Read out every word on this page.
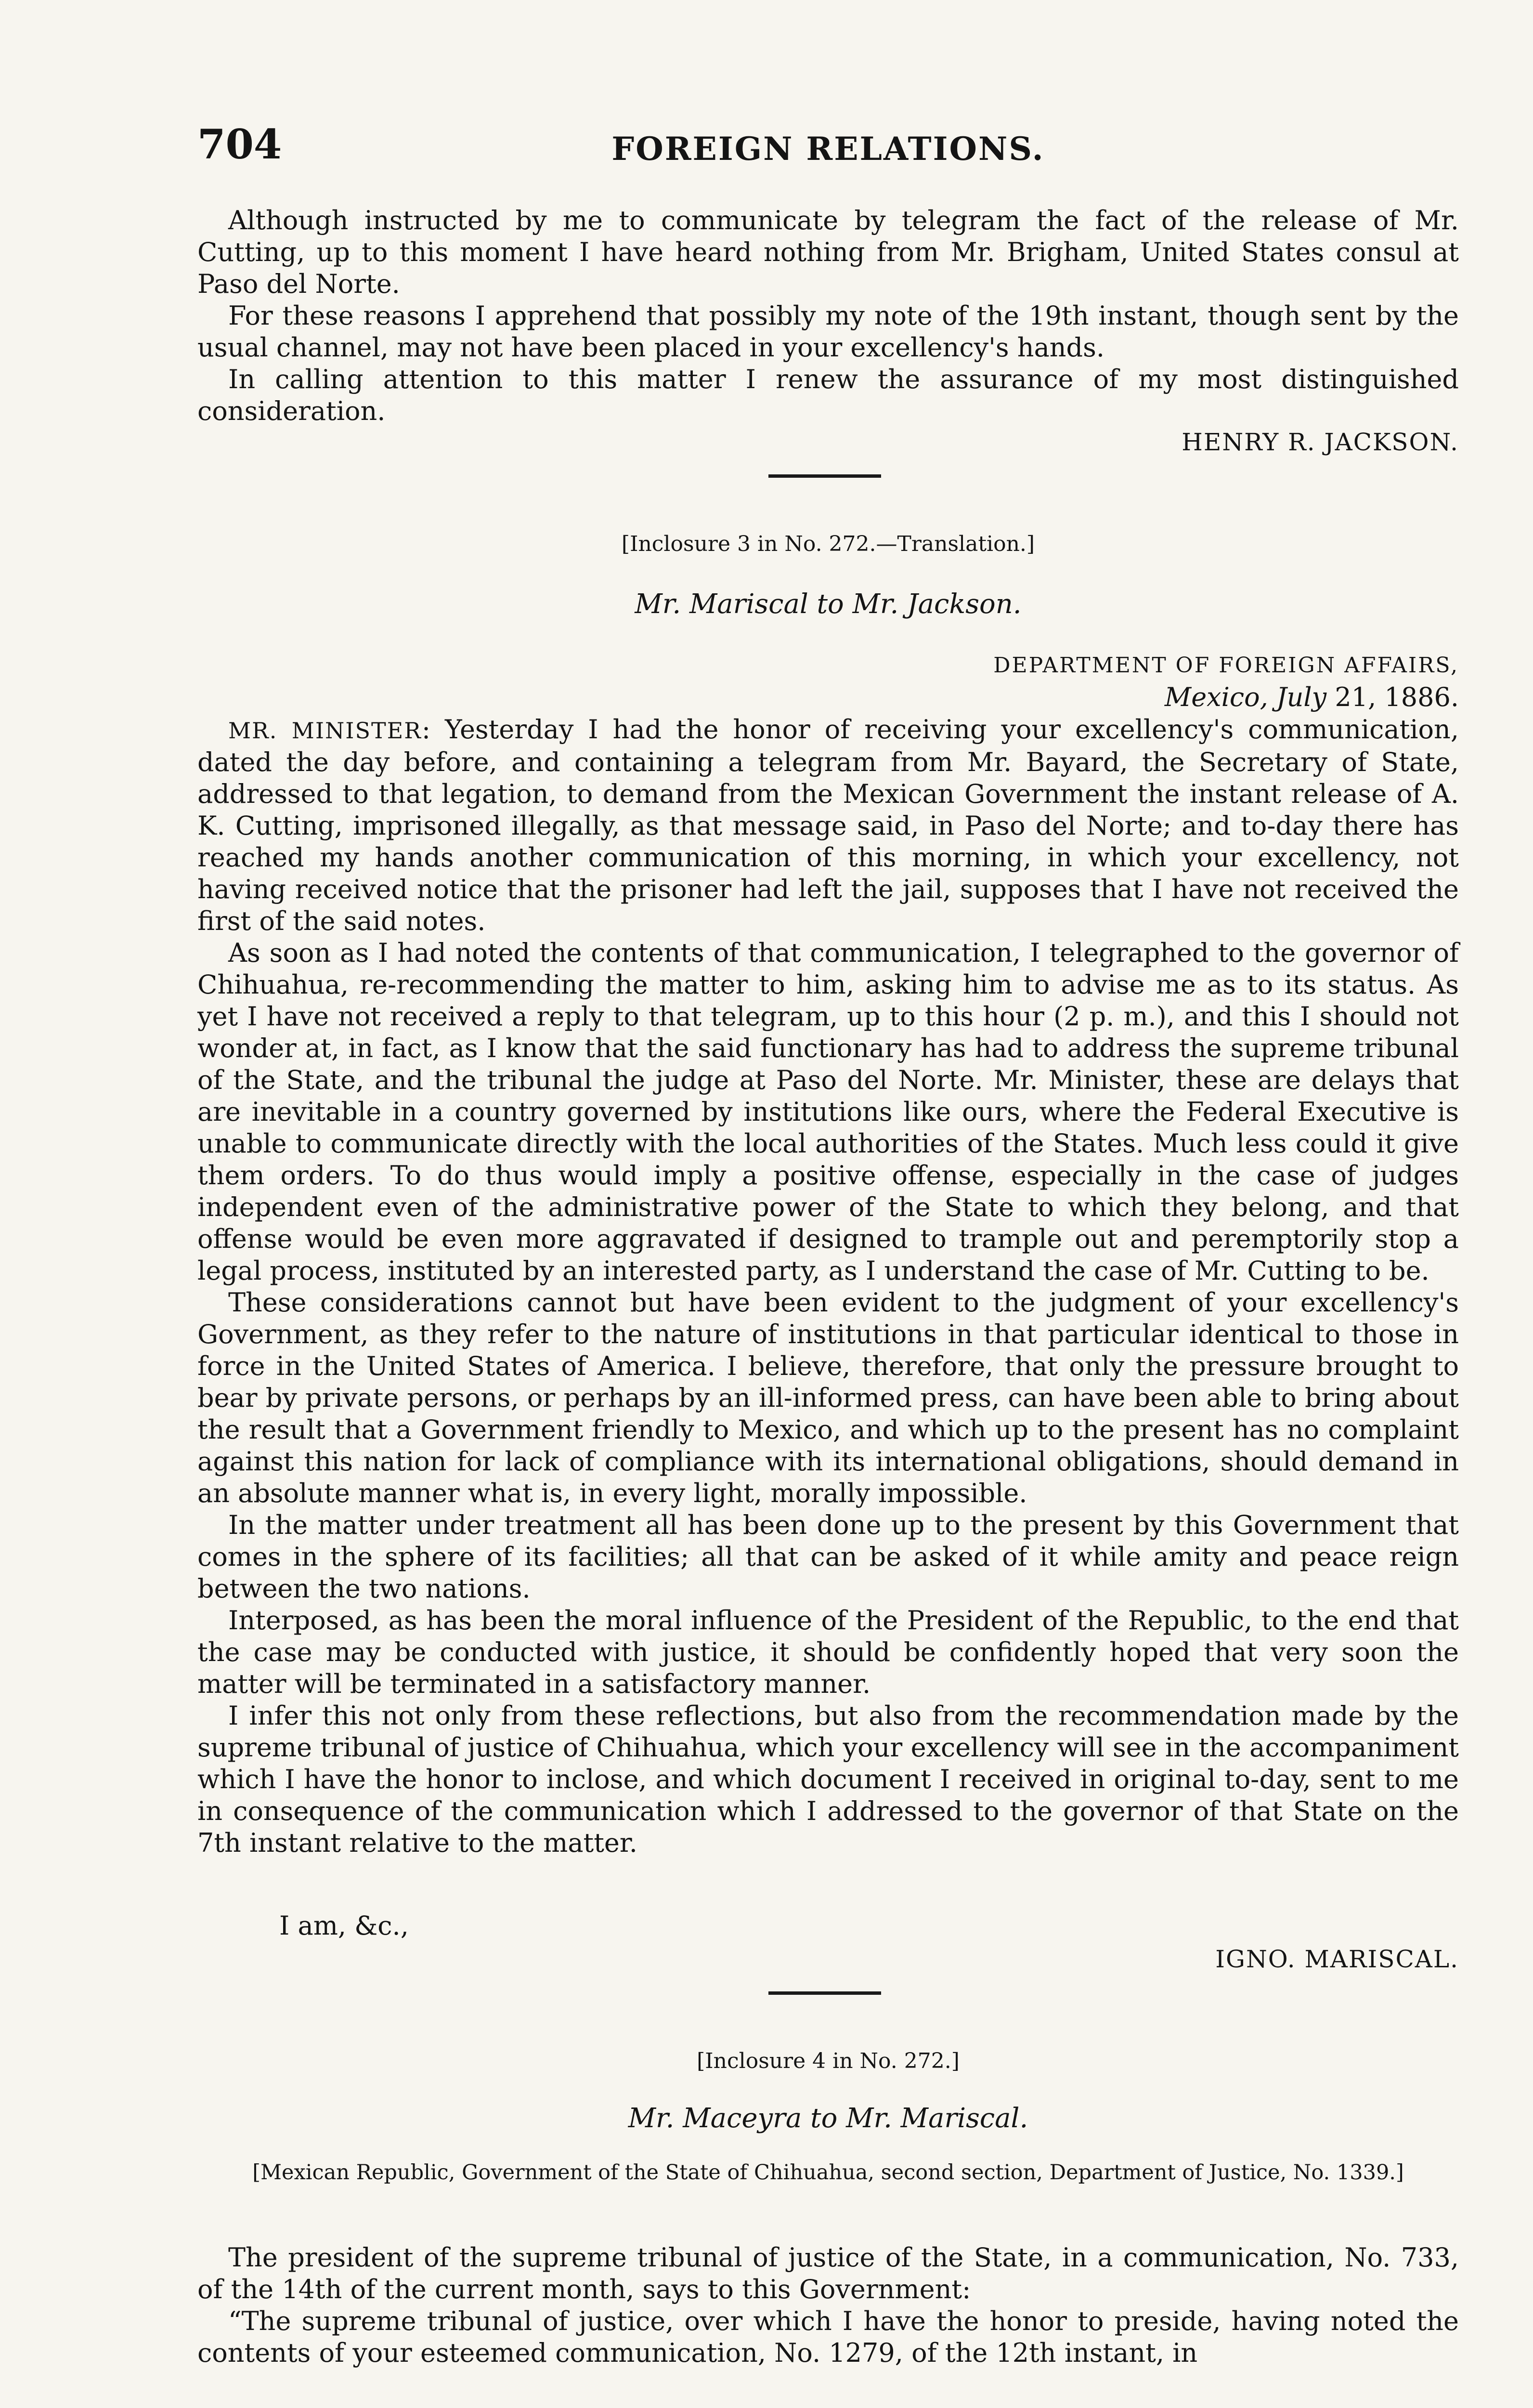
704	FOREIGN RELATIONS.

Although instructed by me to communicate by telegram the fact of the release of Mr. Cutting, up to this moment I have heard nothing from Mr. Brigham, United States consul at Paso del Norte.

For these reasons I apprehend that possibly my note of the 19th instant, though sent by the usual channel, may not have been placed in your excellency's hands.

In calling attention to this matter I renew the assurance of my most distinguished consideration.

HENRY R. JACKSON.
[Inclosure 3 in No. 272.—Translation.]
Mr. Mariscal to Mr. Jackson.
DEPARTMENT OF FOREIGN AFFAIRS,
Mexico, July 21, 1886.

MR. MINISTER: Yesterday I had the honor of receiving your excellency's communication, dated the day before, and containing a telegram from Mr. Bayard, the Secretary of State, addressed to that legation, to demand from the Mexican Government the instant release of A. K. Cutting, imprisoned illegally, as that message said, in Paso del Norte; and to-day there has reached my hands another communication of this morning, in which your excellency, not having received notice that the prisoner had left the jail, supposes that I have not received the first of the said notes.

As soon as I had noted the contents of that communication, I telegraphed to the governor of Chihuahua, re-recommending the matter to him, asking him to advise me as to its status. As yet I have not received a reply to that telegram, up to this hour (2 p. m.), and this I should not wonder at, in fact, as I know that the said functionary has had to address the supreme tribunal of the State, and the tribunal the judge at Paso del Norte. Mr. Minister, these are delays that are inevitable in a country governed by institutions like ours, where the Federal Executive is unable to communicate directly with the local authorities of the States. Much less could it give them orders. To do thus would imply a positive offense, especially in the case of judges independent even of the administrative power of the State to which they belong, and that offense would be even more aggravated if designed to trample out and peremptorily stop a legal process, instituted by an interested party, as I understand the case of Mr. Cutting to be.

These considerations cannot but have been evident to the judgment of your excellency's Government, as they refer to the nature of institutions in that particular identical to those in force in the United States of America. I believe, therefore, that only the pressure brought to bear by private persons, or perhaps by an ill-informed press, can have been able to bring about the result that a Government friendly to Mexico, and which up to the present has no complaint against this nation for lack of compliance with its international obligations, should demand in an absolute manner what is, in every light, morally impossible.

In the matter under treatment all has been done up to the present by this Government that comes in the sphere of its facilities; all that can be asked of it while amity and peace reign between the two nations.

Interposed, as has been the moral influence of the President of the Republic, to the end that the case may be conducted with justice, it should be confidently hoped that very soon the matter will be terminated in a satisfactory manner.

I infer this not only from these reflections, but also from the recommendation made by the supreme tribunal of justice of Chihuahua, which your excellency will see in the accompaniment which I have the honor to inclose, and which document I received in original to-day, sent to me in consequence of the communication which I addressed to the governor of that State on the 7th instant relative to the matter.

I am, &c.,
IGNO. MARISCAL.
[Inclosure 4 in No. 272.]
Mr. Maceyra to Mr. Mariscal.

[Mexican Republic, Government of the State of Chihuahua, second section, Department of Justice, No. 1339.]

The president of the supreme tribunal of justice of the State, in a communication, No. 733, of the 14th of the current month, says to this Government:

“The supreme tribunal of justice, over which I have the honor to preside, having noted the contents of your esteemed communication, No. 1279, of the 12th instant, in
